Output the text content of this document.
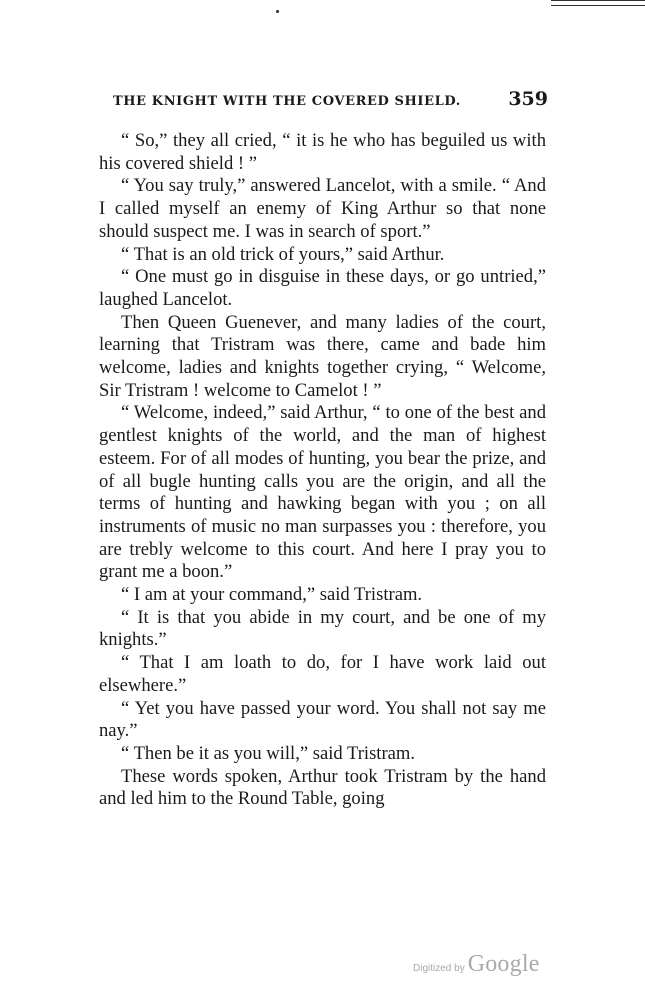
THE KNIGHT WITH THE COVERED SHIELD. 359

“ So,” they all cried, “ it is he who has beguiled us with his covered shield ! ”

“ You say truly,” answered Lancelot, with a smile. “ And I called myself an enemy of King Arthur so that none should suspect me. I was in search of sport.”

“ That is an old trick of yours,” said Arthur.

“ One must go in disguise in these days, or go untried,” laughed Lancelot.

Then Queen Guenever, and many ladies of the court, learning that Tristram was there, came and bade him welcome, ladies and knights together crying, “ Welcome, Sir Tristram ! welcome to Camelot ! ”

“ Welcome, indeed,” said Arthur, “ to one of the best and gentlest knights of the world, and the man of highest esteem. For of all modes of hunting, you bear the prize, and of all bugle hunting calls you are the origin, and all the terms of hunting and hawking began with you ; on all instruments of music no man surpasses you : therefore, you are trebly welcome to this court. And here I pray you to grant me a boon.”

“ I am at your command,” said Tristram.

“ It is that you abide in my court, and be one of my knights.”

“ That I am loath to do, for I have work laid out elsewhere.”

“ Yet you have passed your word. You shall not say me nay.”

“ Then be it as you will,” said Tristram.

These words spoken, Arthur took Tristram by the hand and led him to the Round Table, going

Digitized by Google
